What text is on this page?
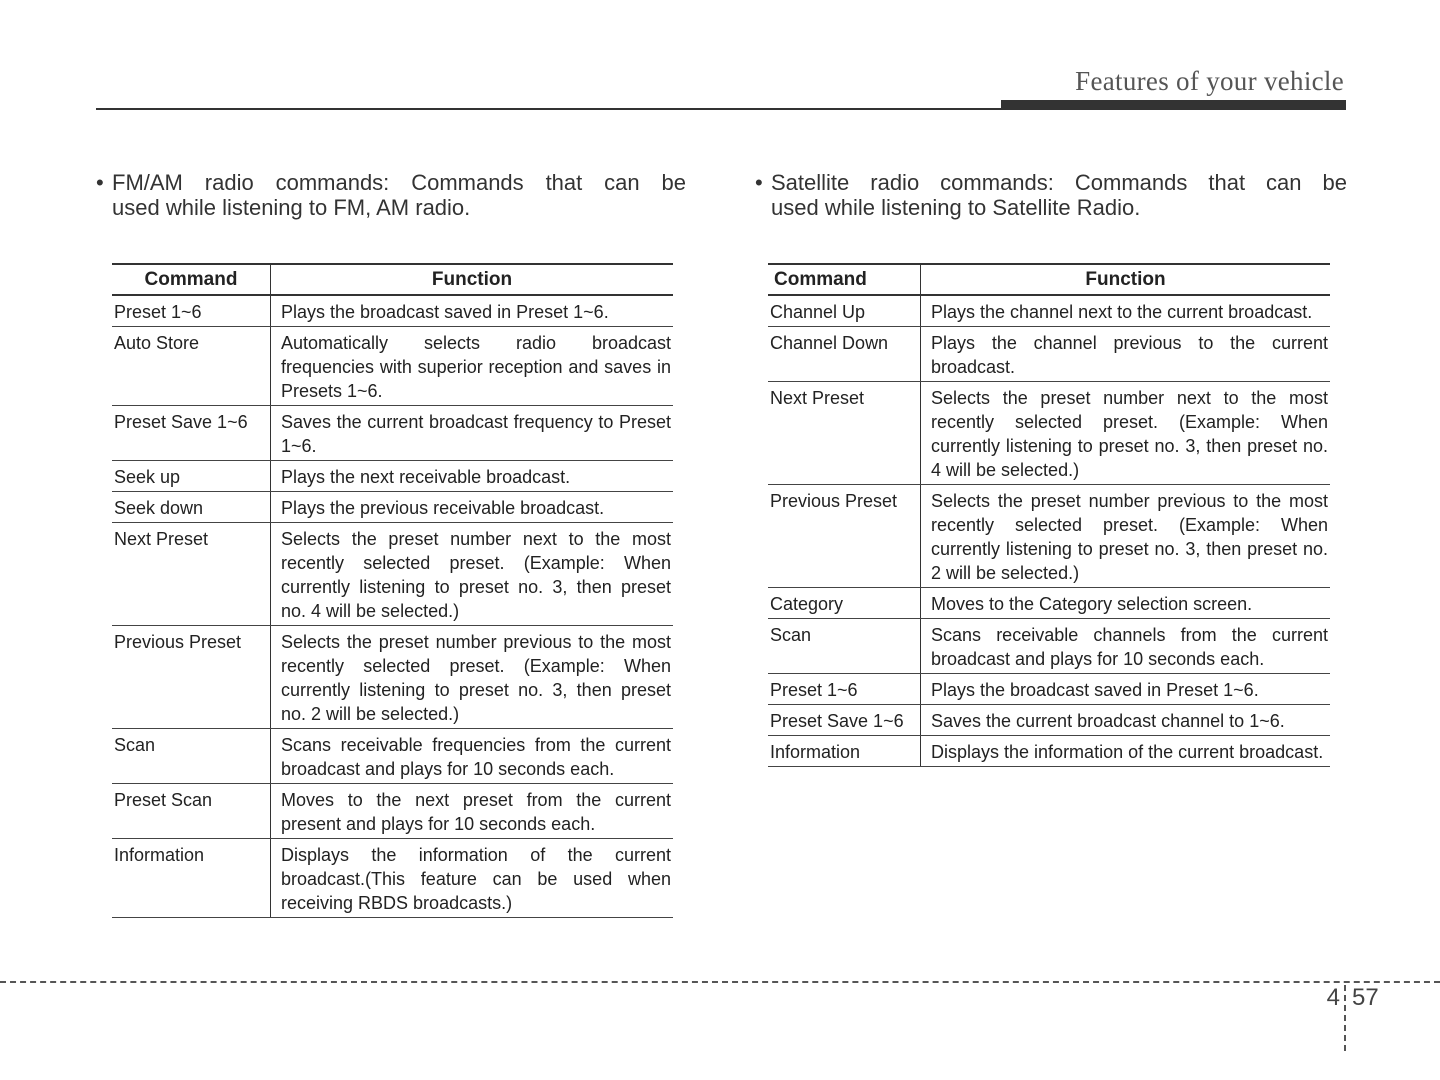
Features of your vehicle
• FM/AM radio commands: Commands that can be
used while listening to FM, AM radio.
Command	Function
Preset 1~6	Plays the broadcast saved in Preset 1~6.
Auto Store	Automatically selects radio broadcast frequencies with superior reception and saves in Presets 1~6.
Preset Save 1~6	Saves the current broadcast frequency to Preset 1~6.
Seek up	Plays the next receivable broadcast.
Seek down	Plays the previous receivable broadcast.
Next Preset	Selects the preset number next to the most recently selected preset. (Example: When currently listening to preset no. 3, then preset no. 4 will be selected.)
Previous Preset	Selects the preset number previous to the most recently selected preset. (Example: When currently listening to preset no. 3, then preset no. 2 will be selected.)
Scan	Scans receivable frequencies from the current broadcast and plays for 10 seconds each.
Preset Scan	Moves to the next preset from the current present and plays for 10 seconds each.
Information	Displays the information of the current broadcast.(This feature can be used when receiving RBDS broadcasts.)
• Satellite radio commands: Commands that can be
used while listening to Satellite Radio.
Command	Function
Channel Up	Plays the channel next to the current broadcast.
Channel Down	Plays the channel previous to the current broadcast.
Next Preset	Selects the preset number next to the most recently selected preset. (Example: When currently listening to preset no. 3, then preset no. 4 will be selected.)
Previous Preset	Selects the preset number previous to the most recently selected preset. (Example: When currently listening to preset no. 3, then preset no. 2 will be selected.)
Category	Moves to the Category selection screen.
Scan	Scans receivable channels from the current broadcast and plays for 10 seconds each.
Preset 1~6	Plays the broadcast saved in Preset 1~6.
Preset Save 1~6	Saves the current broadcast channel to 1~6.
Information	Displays the information of the current broadcast.
4 57
